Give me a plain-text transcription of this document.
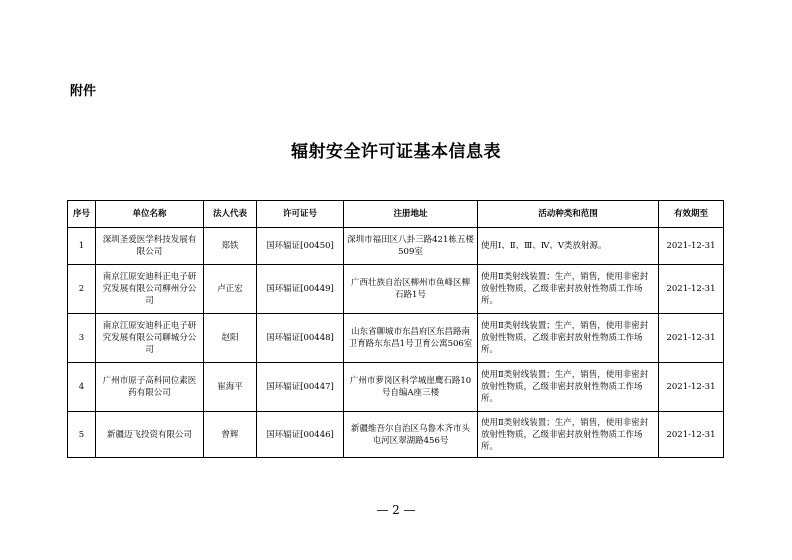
附件
辐射安全许可证基本信息表
序号	单位名称	法人代表	许可证号	注册地址	活动种类和范围	有效期至
1	深圳圣爱医学科技发展有限公司	郑铁	国环辐证[00450]	深圳市福田区八卦三路421栋五楼509室	使用Ⅰ、Ⅱ、Ⅲ、Ⅳ、Ⅴ类放射源。	2021-12-31
2	南京江原安迪科正电子研究发展有限公司柳州分公司	卢正宏	国环辐证[00449]	广西壮族自治区柳州市鱼峰区柳石路1号	使用Ⅱ类射线装置；生产，销售，使用非密封放射性物质，乙级非密封放射性物质工作场所。	2021-12-31
3	南京江原安迪科正电子研究发展有限公司聊城分公司	赵阳	国环辐证[00448]	山东省聊城市东昌府区东昌路南卫育路东东昌1号卫育公寓506室	使用Ⅱ类射线装置；生产，销售，使用非密封放射性物质，乙级非密封放射性物质工作场所。	2021-12-31
4	广州市原子高科同位素医药有限公司	崔海平	国环辐证[00447]	广州市萝岗区科学城崖鹰石路10号自编A座三楼	使用Ⅱ类射线装置；生产，销售，使用非密封放射性物质，乙级非密封放射性物质工作场所。	2021-12-31
5	新疆迈飞投资有限公司	曾辉	国环辐证[00446]	新疆维吾尔自治区乌鲁木齐市头屯河区翠湖路456号	使用Ⅱ类射线装置；生产，销售，使用非密封放射性物质，乙级非密封放射性物质工作场所。	2021-12-31
— 2 —
